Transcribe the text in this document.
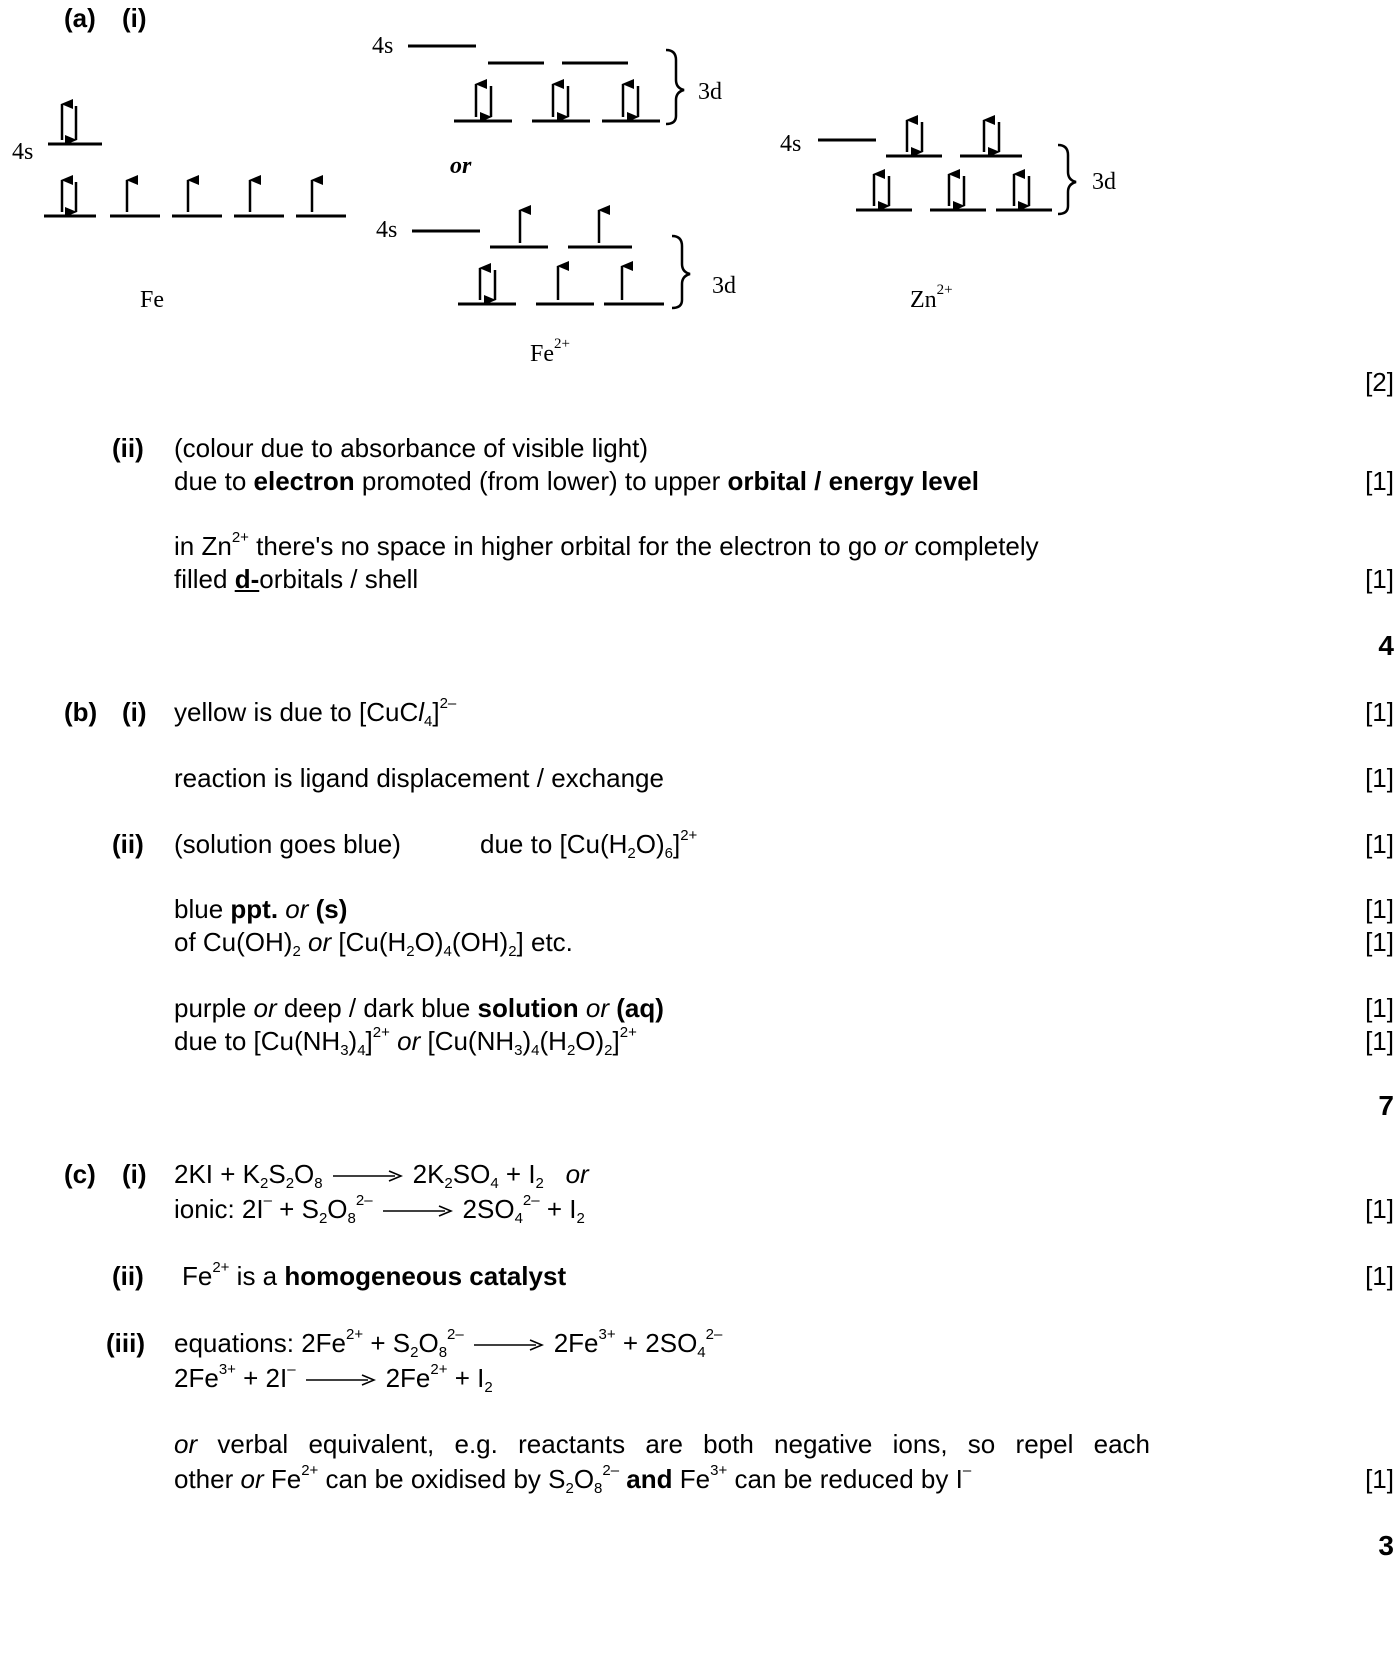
(a) (i)
4s
Fe
4s
3d
or
4s
3d
$Fe^{2+}$
4s
3d
$Zn^{2+}$
[2]
(ii) (colour due to absorbance of visible light)
due to electron promoted (from lower) to upper orbital / energy level	[1]
in $Zn^{2+}$ there's no space in higher orbital for the electron to go or completely
filled d-orbitals / shell	[1]
4
(b) (i) yellow is due to [CuCl$_4$]$^{2-}$	[1]
reaction is ligand displacement / exchange	[1]
(ii) (solution goes blue)	due to $[Cu(H_2O)_6]^{2+}$	[1]
blue ppt. or (s)	[1]
of $Cu(OH)_2$ or $[Cu(H_2O)_4(OH)_2]$ etc.	[1]
purple or deep / dark blue solution or (aq)	[1]
due to $[Cu(NH_3)_4]^{2+}$ or $[Cu(NH_3)_4(H_2O)_2]^{2+}$	[1]
7
(c) (i) $2KI + K_2S_2O_8 \to 2K_2SO_4 + I_2$ or
ionic: $2I^- + S_2O_8^{2-} \to 2SO_4^{2-} + I_2$	[1]
(ii) $Fe^{2+}$ is a homogeneous catalyst	[1]
(iii) equations: $2Fe^{2+} + S_2O_8^{2-} \to 2Fe^{3+} + 2SO_4^{2-}$
$2Fe^{3+} + 2I^- \to 2Fe^{2+} + I_2$
or verbal equivalent, e.g. reactants are both negative ions, so repel each
other or $Fe^{2+}$ can be oxidised by $S_2O_8^{2-}$ and $Fe^{3+}$ can be reduced by I–	[1]
3
